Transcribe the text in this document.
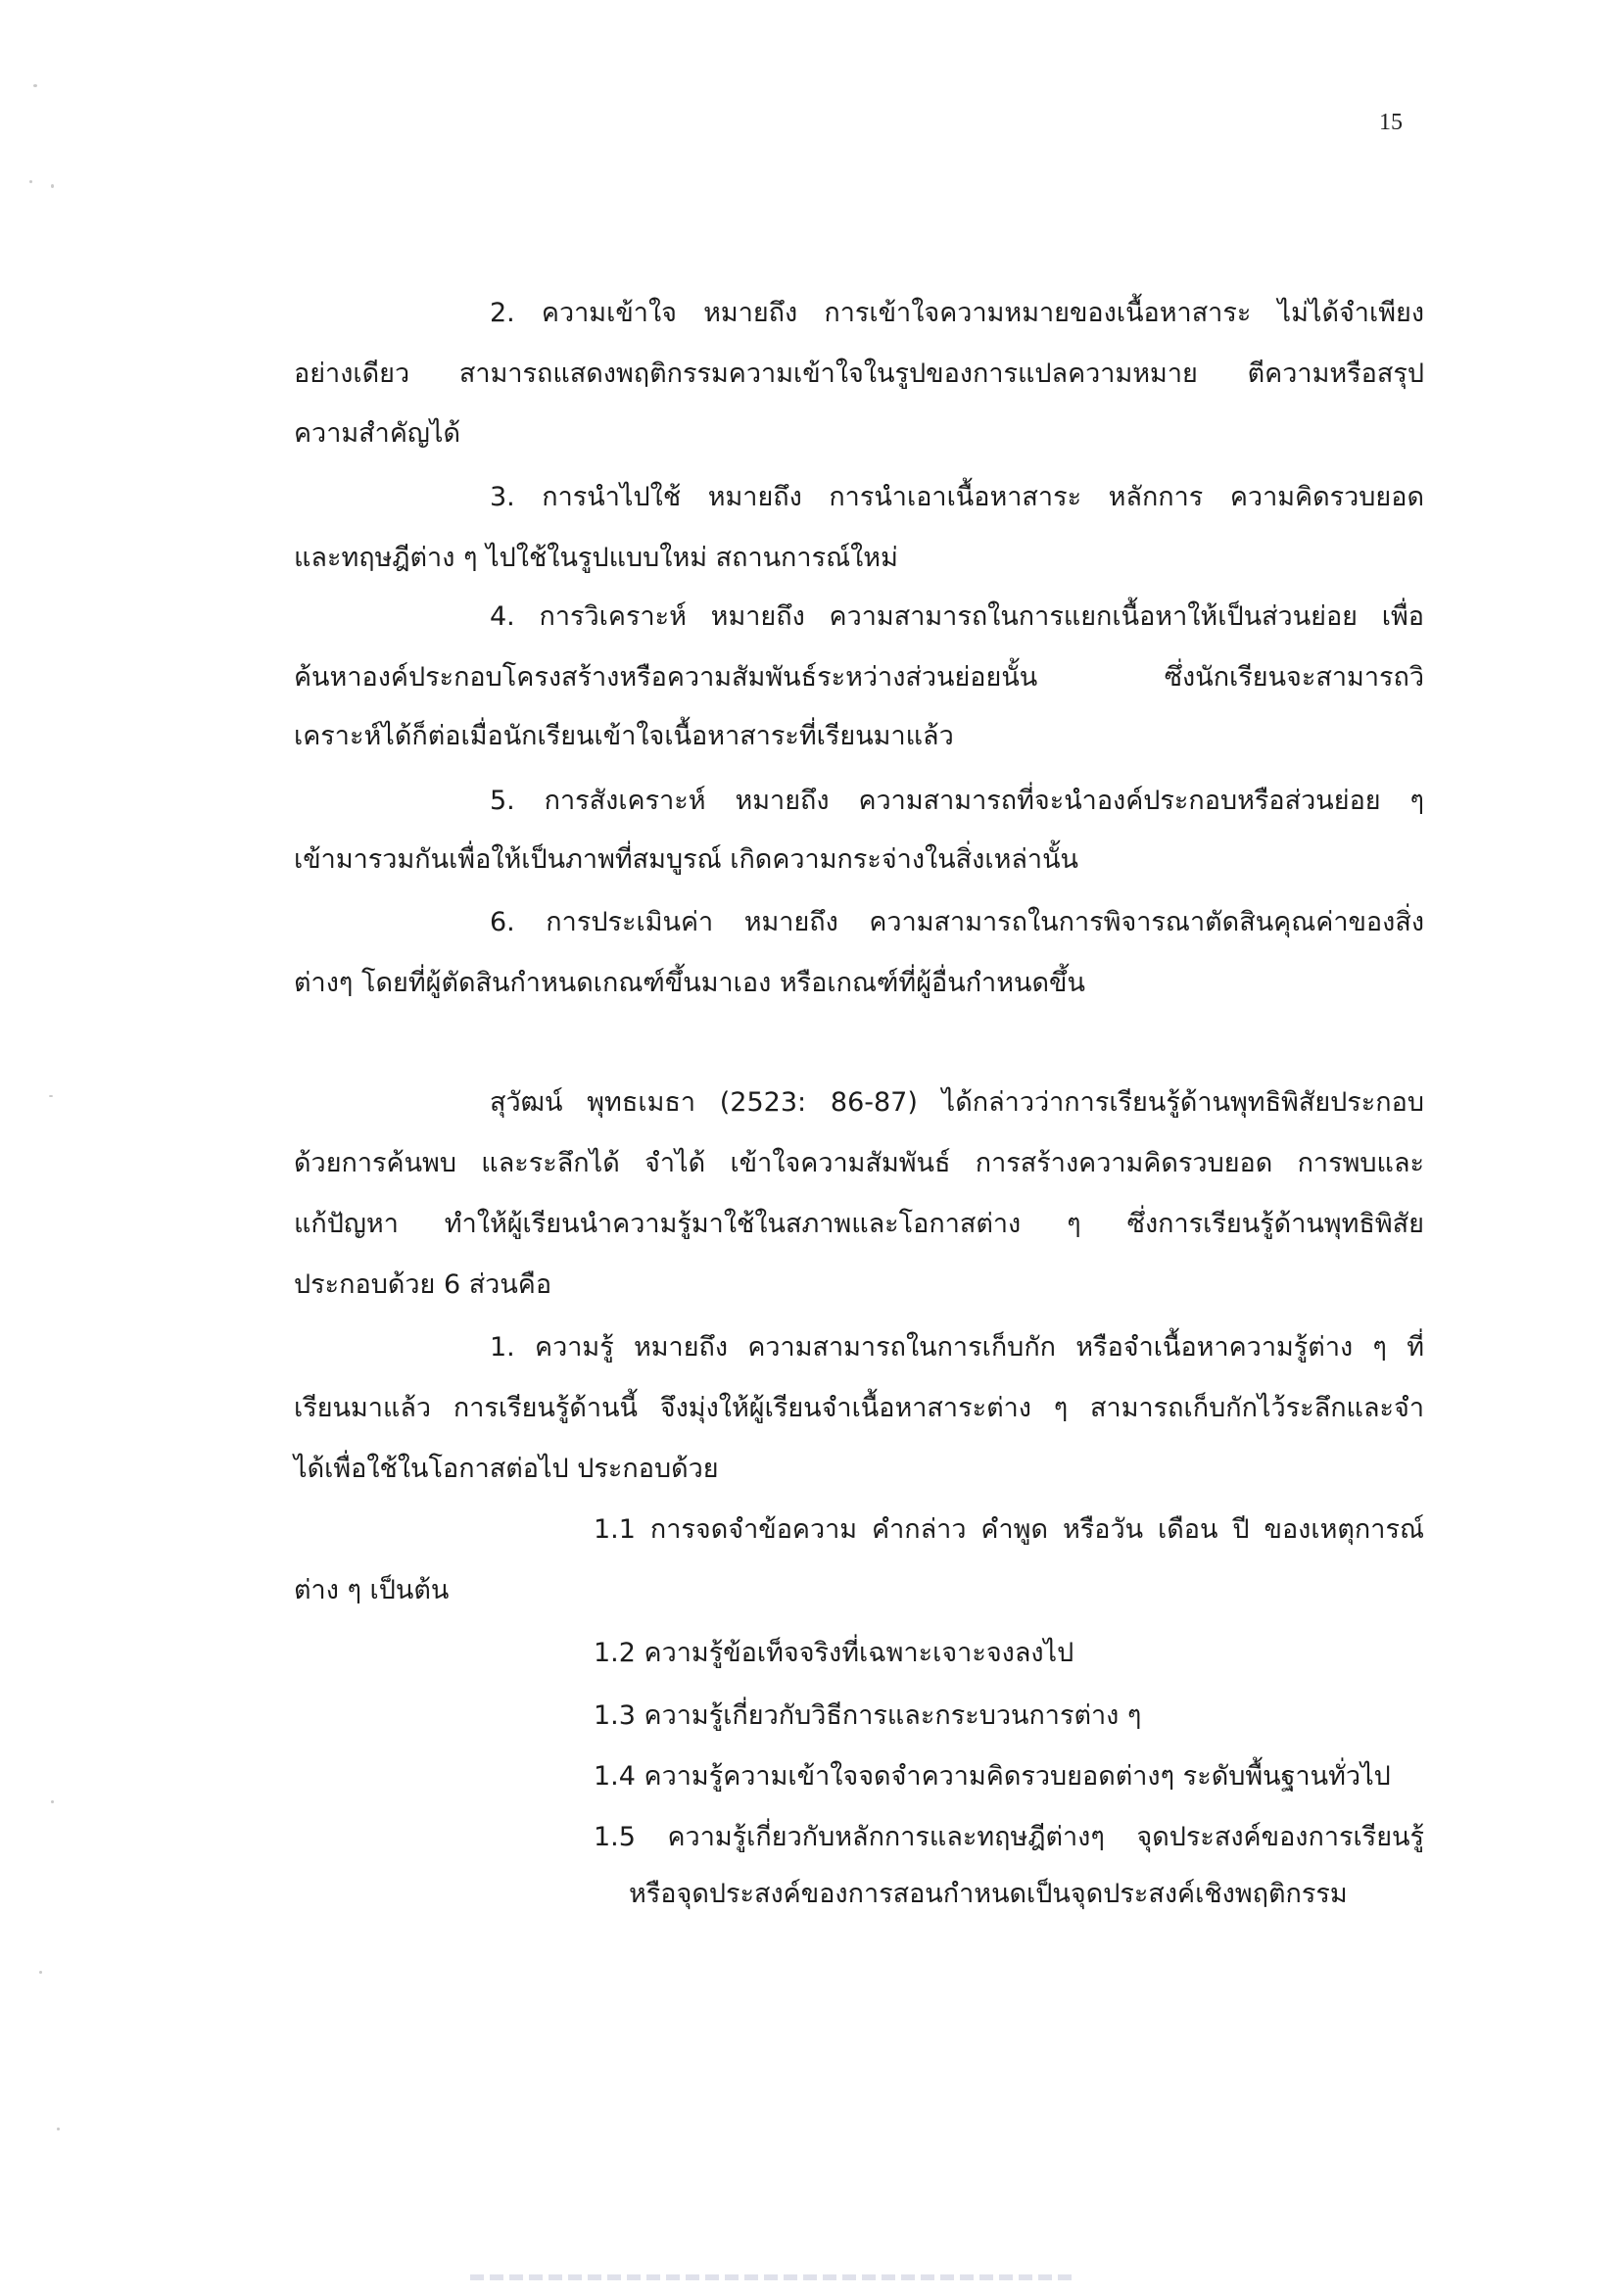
15
2. ความเข้าใจ หมายถึง การเข้าใจความหมายของเนื้อหาสาระ ไม่ได้จำเพียง
อย่างเดียว สามารถแสดงพฤติกรรมความเข้าใจในรูปของการแปลความหมาย ตีความหรือสรุป
ความสำคัญได้
3. การนำไปใช้ หมายถึง การนำเอาเนื้อหาสาระ หลักการ ความคิดรวบยอด
และทฤษฎีต่าง ๆ ไปใช้ในรูปแบบใหม่ สถานการณ์ใหม่
4. การวิเคราะห์ หมายถึง ความสามารถในการแยกเนื้อหาให้เป็นส่วนย่อย เพื่อ
ค้นหาองค์ประกอบโครงสร้างหรือความสัมพันธ์ระหว่างส่วนย่อยนั้น ซึ่งนักเรียนจะสามารถวิ
เคราะห์ได้ก็ต่อเมื่อนักเรียนเข้าใจเนื้อหาสาระที่เรียนมาแล้ว
5. การสังเคราะห์ หมายถึง ความสามารถที่จะนำองค์ประกอบหรือส่วนย่อย ๆ
เข้ามารวมกันเพื่อให้เป็นภาพที่สมบูรณ์ เกิดความกระจ่างในสิ่งเหล่านั้น
6. การประเมินค่า หมายถึง ความสามารถในการพิจารณาตัดสินคุณค่าของสิ่ง
ต่างๆ โดยที่ผู้ตัดสินกำหนดเกณฑ์ขึ้นมาเอง หรือเกณฑ์ที่ผู้อื่นกำหนดขึ้น
สุวัฒน์ พุทธเมธา (2523: 86-87) ได้กล่าวว่าการเรียนรู้ด้านพุทธิพิสัยประกอบ
ด้วยการค้นพบ และระลึกได้ จำได้ เข้าใจความสัมพันธ์ การสร้างความคิดรวบยอด การพบและ
แก้ปัญหา ทำให้ผู้เรียนนำความรู้มาใช้ในสภาพและโอกาสต่าง ๆ ซึ่งการเรียนรู้ด้านพุทธิพิสัย
ประกอบด้วย 6 ส่วนคือ
1. ความรู้ หมายถึง ความสามารถในการเก็บกัก หรือจำเนื้อหาความรู้ต่าง ๆ ที่
เรียนมาแล้ว การเรียนรู้ด้านนี้ จึงมุ่งให้ผู้เรียนจำเนื้อหาสาระต่าง ๆ สามารถเก็บกักไว้ระลึกและจำ
ได้เพื่อใช้ในโอกาสต่อไป ประกอบด้วย
1.1 การจดจำข้อความ คำกล่าว คำพูด หรือวัน เดือน ปี ของเหตุการณ์
ต่าง ๆ เป็นต้น
1.2 ความรู้ข้อเท็จจริงที่เฉพาะเจาะจงลงไป
1.3 ความรู้เกี่ยวกับวิธีการและกระบวนการต่าง ๆ
1.4 ความรู้ความเข้าใจจดจำความคิดรวบยอดต่างๆ ระดับพื้นฐานทั่วไป
1.5 ความรู้เกี่ยวกับหลักการและทฤษฎีต่างๆ จุดประสงค์ของการเรียนรู้
หรือจุดประสงค์ของการสอนกำหนดเป็นจุดประสงค์เชิงพฤติกรรม
